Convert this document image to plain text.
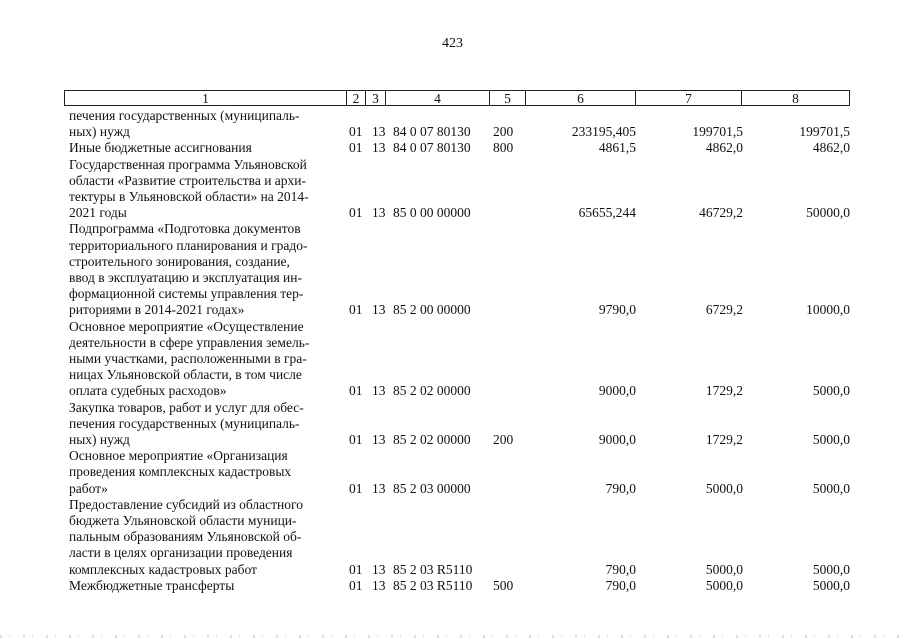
423
1	2 3	4	5	6	7	8
печения государственных (муниципаль-
ных) нужд	01 13 84 0 07 80130 200	233195,405	199701,5	199701,5
Иные бюджетные ассигнования	01 13 84 0 07 80130 800	4861,5	4862,0	4862,0
Государственная программа Ульяновской
области «Развитие строительства и архи-
тектуры в Ульяновской области» на 2014-
2021 годы	01 13 85 0 00 00000	65655,244	46729,2	50000,0
Подпрограмма «Подготовка документов
территориального планирования и градо-
строительного зонирования, создание,
ввод в эксплуатацию и эксплуатация ин-
формационной системы управления тер-
риториями в 2014-2021 годах»	01 13 85 2 00 00000	9790,0	6729,2	10000,0
Основное мероприятие «Осуществление
деятельности в сфере управления земель-
ными участками, расположенными в гра-
ницах Ульяновской области, в том числе
оплата судебных расходов»	01 13 85 2 02 00000	9000,0	1729,2	5000,0
Закупка товаров, работ и услуг для обес-
печения государственных (муниципаль-
ных) нужд	01 13 85 2 02 00000 200	9000,0	1729,2	5000,0
Основное мероприятие «Организация
проведения комплексных кадастровых
работ»	01 13 85 2 03 00000	790,0	5000,0	5000,0
Предоставление субсидий из областного
бюджета Ульяновской области муници-
пальным образованиям Ульяновской об-
ласти в целях организации проведения
комплексных кадастровых работ	01 13 85 2 03 R5110	790,0	5000,0	5000,0
Межбюджетные трансферты	01 13 85 2 03 R5110 500	790,0	5000,0	5000,0
